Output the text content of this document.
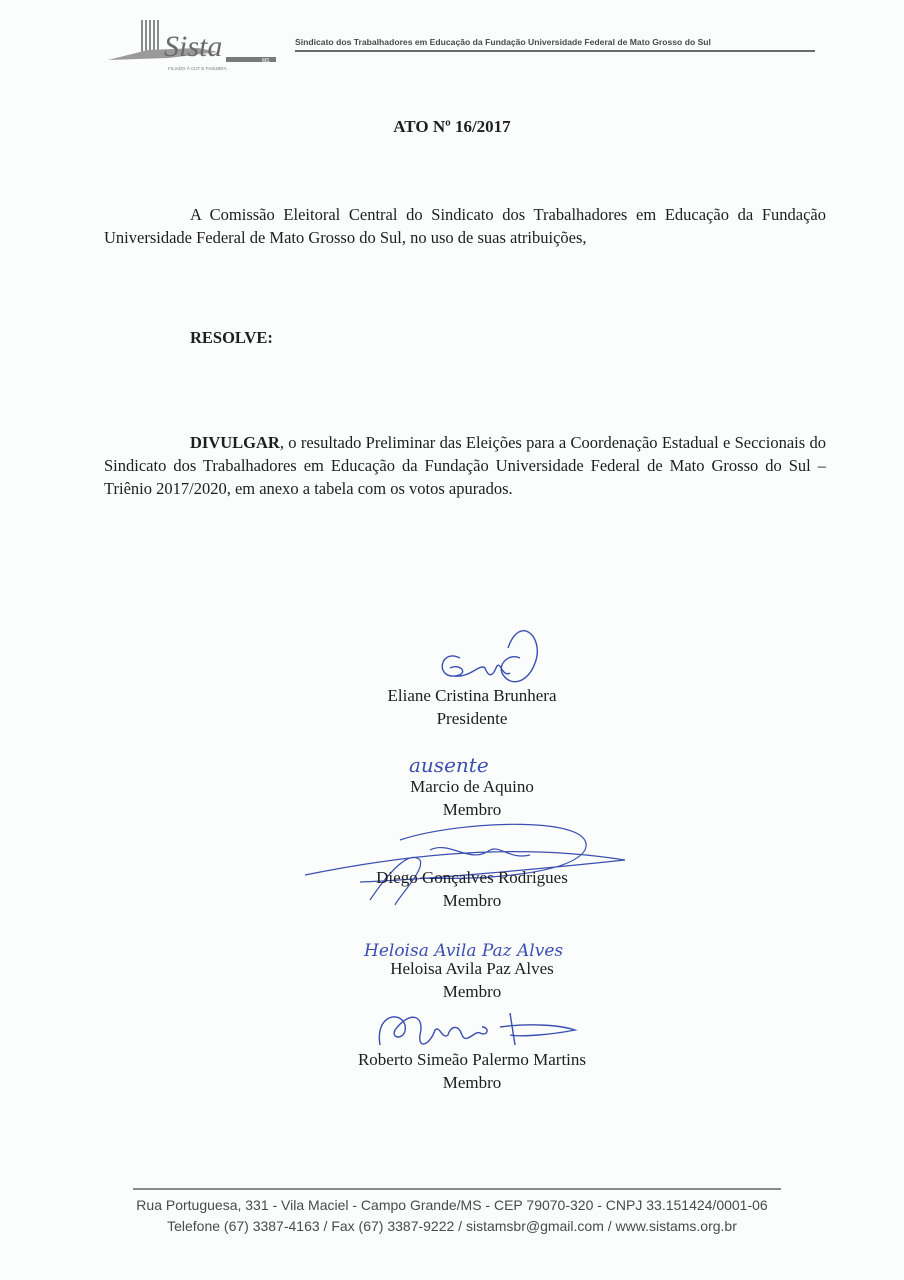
Sista	MS
FILIADO À CUT E FASUBRA
Sindicato dos Trabalhadores em Educação da Fundação Universidade Federal de Mato Grosso do Sul
ATO Nº 16/2017
A Comissão Eleitoral Central do Sindicato dos Trabalhadores em Educação da Fundação Universidade Federal de Mato Grosso do Sul, no uso de suas atribuições,
RESOLVE:
DIVULGAR, o resultado Preliminar das Eleições para a Coordenação Estadual e Seccionais do Sindicato dos Trabalhadores em Educação da Fundação Universidade Federal de Mato Grosso do Sul – Triênio 2017/2020, em anexo a tabela com os votos apurados.
Eliane Cristina Brunhera
Presidente
ausente
Marcio de Aquino
Membro
Diego Gonçalves Rodrigues
Membro
Heloisa Avila Paz Alves
Heloisa Avila Paz Alves
Membro
Roberto Simeão Palermo Martins
Membro
Rua Portuguesa, 331 - Vila Maciel - Campo Grande/MS - CEP 79070-320 - CNPJ 33.151424/0001-06
Telefone (67) 3387-4163 / Fax (67) 3387-9222 / sistamsbr@gmail.com / www.sistams.org.br
